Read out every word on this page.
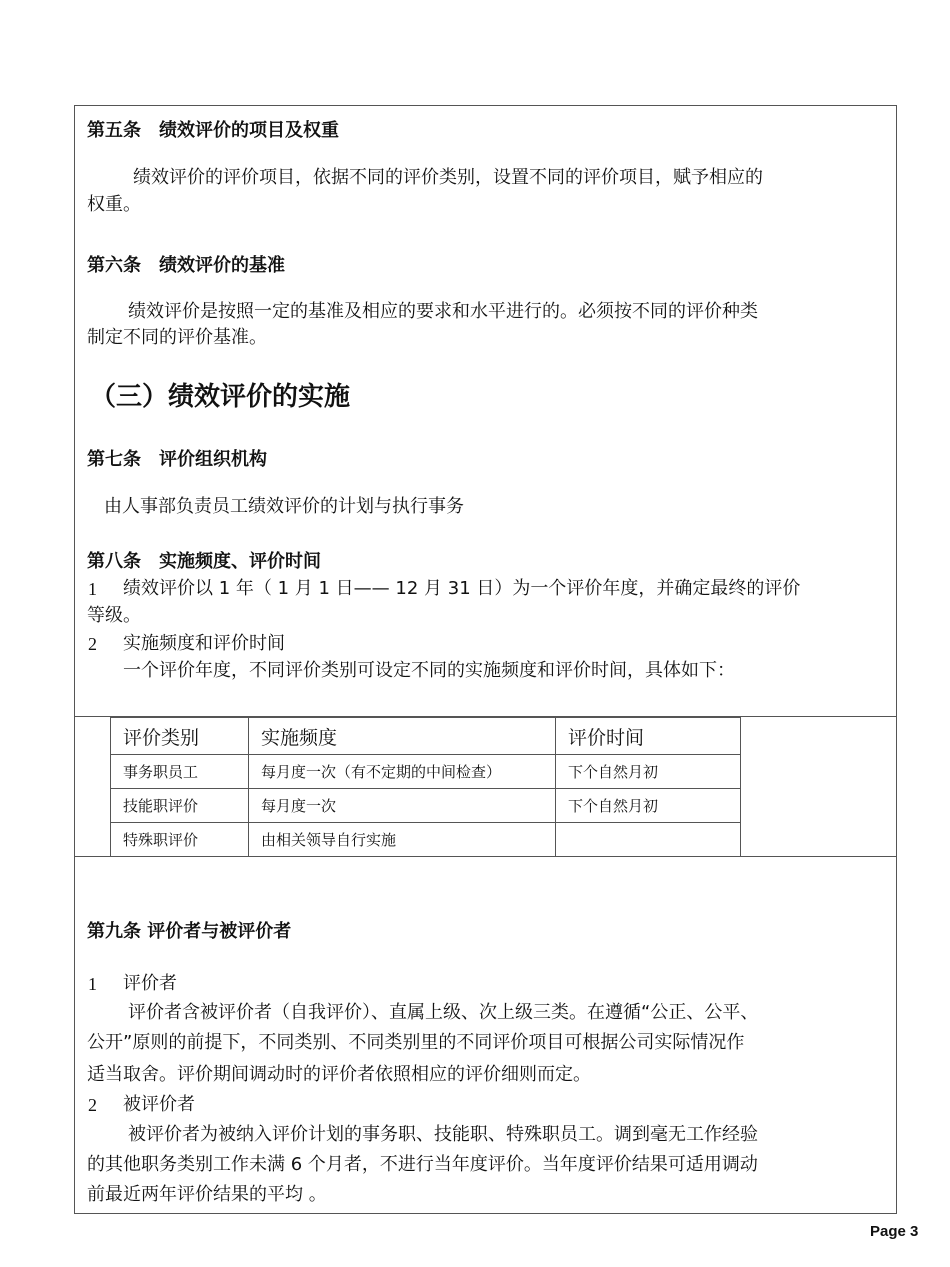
第五条　绩效评价的项目及权重
绩效评价的评价项目，依据不同的评价类别，设置不同的评价项目，赋予相应的
权重。
第六条　绩效评价的基准
绩效评价是按照一定的基准及相应的要求和水平进行的。必须按不同的评价种类
制定不同的评价基准。
（三）绩效评价的实施
第七条　评价组织机构
由人事部负责员工绩效评价的计划与执行事务
第八条　实施频度、评价时间
1 绩效评价以 1 年（ 1 月 1 日—— 12 月 31 日）为一个评价年度，并确定最终的评价
等级。
2 实施频度和评价时间
一个评价年度，不同评价类别可设定不同的实施频度和评价时间，具体如下：
评价类别	实施频度	评价时间
事务职员工	每月度一次（有不定期的中间检查）	下个自然月初
技能职评价	每月度一次	下个自然月初
特殊职评价	由相关领导自行实施	
第九条 评价者与被评价者
1 评价者
评价者含被评价者（自我评价）、直属上级、次上级三类。在遵循“公正、公平、
公开”原则的前提下，不同类别、不同类别里的不同评价项目可根据公司实际情况作
适当取舍。评价期间调动时的评价者依照相应的评价细则而定。
2 被评价者
被评价者为被纳入评价计划的事务职、技能职、特殊职员工。调到毫无工作经验
的其他职务类别工作未满 6 个月者，不进行当年度评价。当年度评价结果可适用调动
前最近两年评价结果的平均 。
Page 3
